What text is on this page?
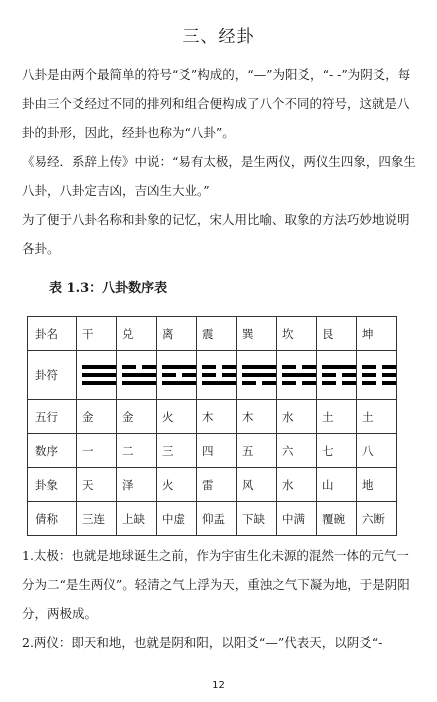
三、经卦

八卦是由两个最简单的符号“爻”构成的，“—”为阳爻，“- -”为阴爻，每卦由三个爻经过不同的排列和组合便构成了八个不同的符号，这就是八卦的卦形，因此，经卦也称为“八卦”。

《易经．系辞上传》中说：“易有太极，是生两仪，两仪生四象，四象生八卦，八卦定吉凶，吉凶生大业。”

为了便于八卦名称和卦象的记忆，宋人用比喻、取象的方法巧妙地说明各卦。

表 1.3：八卦数序表
卦名	干	兑	离	震	巽	坎	艮	坤
卦符	

五行	金	金	火	木	木	水	土	土
数序	一	二	三	四	五	六	七	八
卦象	天	泽	火	雷	风	水	山	地
倩称	三连	上缺	中虚	仰盂	下缺	中满	覆碗	六断

1.太极：也就是地球诞生之前，作为宇宙生化未源的混然一体的元气一分为二“是生两仪”。轻清之气上浮为天，重浊之气下凝为地，于是阴阳分，两极成。

2.两仪：即天和地，也就是阴和阳，以阳爻“—”代表天，以阴爻“-

12
